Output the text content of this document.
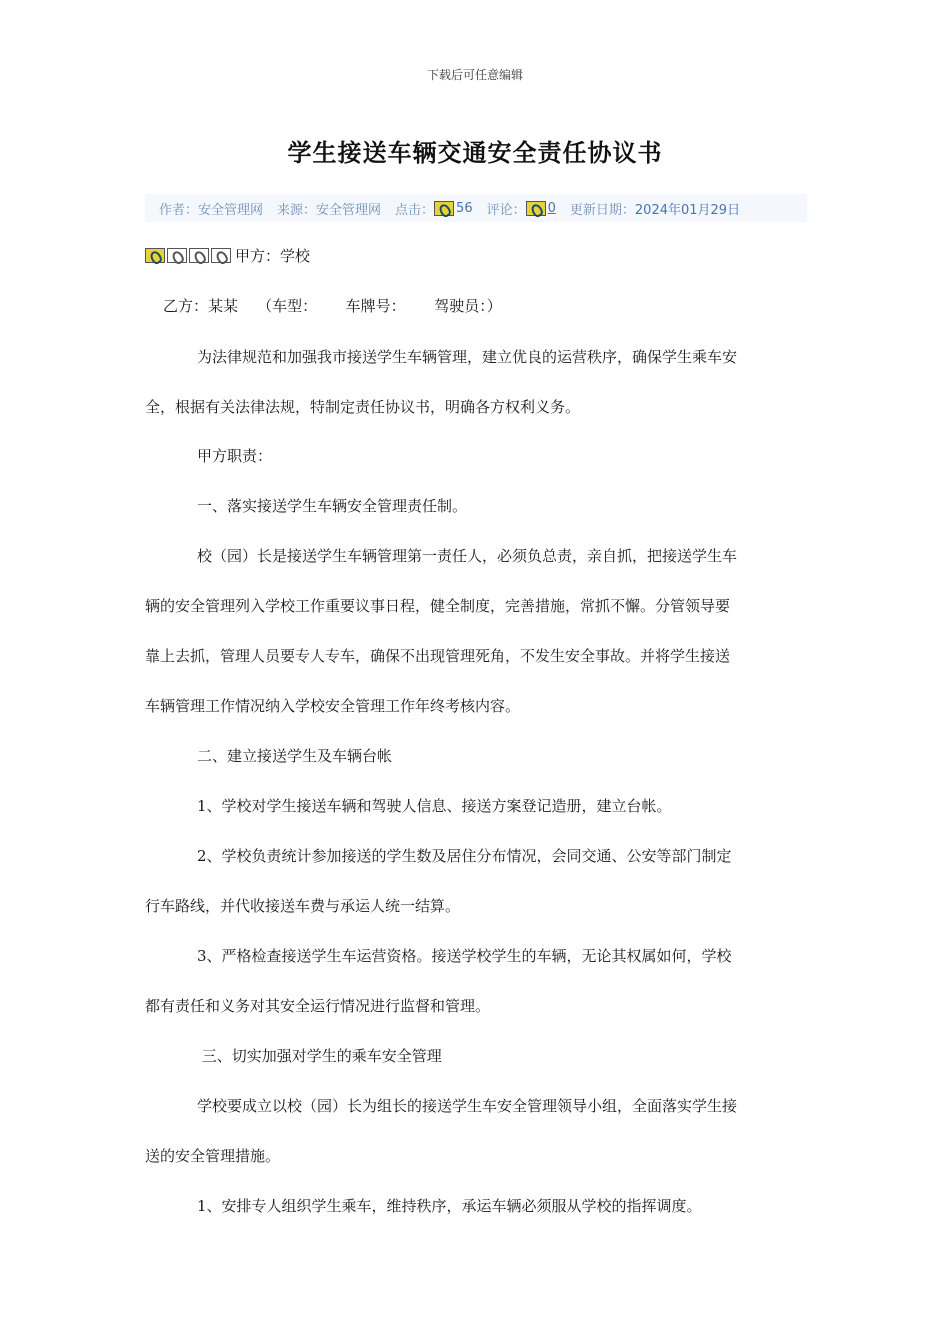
下载后可任意编辑
学生接送车辆交通安全责任协议书
作者：安全管理网 来源：安全管理网 点击： 56 评论： 0 更新日期： 2024年01月29日
甲方：学校

乙方：某某    （车型：      车牌号：      驾驶员：）

为法律规范和加强我市接送学生车辆管理，建立优良的运营秩序，确保学生乘车安

全，根据有关法律法规，特制定责任协议书，明确各方权利义务。

甲方职责：

一、落实接送学生车辆安全管理责任制。

校（园）长是接送学生车辆管理第一责任人，必须负总责，亲自抓，把接送学生车

辆的安全管理列入学校工作重要议事日程，健全制度，完善措施，常抓不懈。分管领导要

靠上去抓，管理人员要专人专车，确保不出现管理死角，不发生安全事故。并将学生接送

车辆管理工作情况纳入学校安全管理工作年终考核内容。

二、建立接送学生及车辆台帐

1、学校对学生接送车辆和驾驶人信息、接送方案登记造册，建立台帐。

2、学校负责统计参加接送的学生数及居住分布情况，会同交通、公安等部门制定

行车路线，并代收接送车费与承运人统一结算。

3、严格检查接送学生车运营资格。接送学校学生的车辆，无论其权属如何，学校

都有责任和义务对其安全运行情况进行监督和管理。

三、切实加强对学生的乘车安全管理

学校要成立以校（园）长为组长的接送学生车安全管理领导小组，全面落实学生接

送的安全管理措施。

1、安排专人组织学生乘车，维持秩序，承运车辆必须服从学校的指挥调度。
